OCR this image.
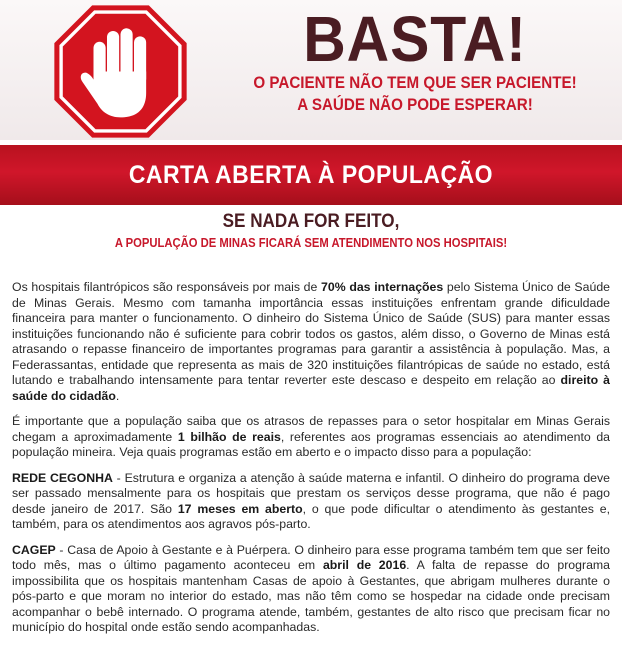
BASTA!
O PACIENTE NÃO TEM QUE SER PACIENTE!
A SAÚDE NÃO PODE ESPERAR!
CARTA ABERTA À POPULAÇÃO
SE NADA FOR FEITO,
A POPULAÇÃO DE MINAS FICARÁ SEM ATENDIMENTO NOS HOSPITAIS!

Os hospitais filantrópicos são responsáveis por mais de 70% das internações pelo Sistema Único de Saúde de Minas Gerais. Mesmo com tamanha importância essas instituições enfrentam grande dificuldade financeira para manter o funcionamento. O dinheiro do Sistema Único de Saúde (SUS) para manter essas instituições funcionando não é suficiente para cobrir todos os gastos, além disso, o Governo de Minas está atrasando o repasse financeiro de importantes programas para garantir a assistência à população. Mas, a Federassantas, entidade que representa as mais de 320 instituições filantrópicas de saúde no estado, está lutando e trabalhando intensamente para tentar reverter este descaso e despeito em relação ao direito à saúde do cidadão.

É importante que a população saiba que os atrasos de repasses para o setor hospitalar em Minas Gerais chegam a aproximadamente 1 bilhão de reais, referentes aos programas essenciais ao atendimento da população mineira. Veja quais programas estão em aberto e o impacto disso para a população:

REDE CEGONHA - Estrutura e organiza a atenção à saúde materna e infantil. O dinheiro do programa deve ser passado mensalmente para os hospitais que prestam os serviços desse programa, que não é pago desde janeiro de 2017. São 17 meses em aberto, o que pode dificultar o atendimento às gestantes e, também, para os atendimentos aos agravos pós-parto.

CAGEP - Casa de Apoio à Gestante e à Puérpera. O dinheiro para esse programa também tem que ser feito todo mês, mas o último pagamento aconteceu em abril de 2016. A falta de repasse do programa impossibilita que os hospitais mantenham Casas de apoio à Gestantes, que abrigam mulheres durante o pós-parto e que moram no interior do estado, mas não têm como se hospedar na cidade onde precisam acompanhar o bebê internado. O programa atende, também, gestantes de alto risco que precisam ficar no município do hospital onde estão sendo acompanhadas.
